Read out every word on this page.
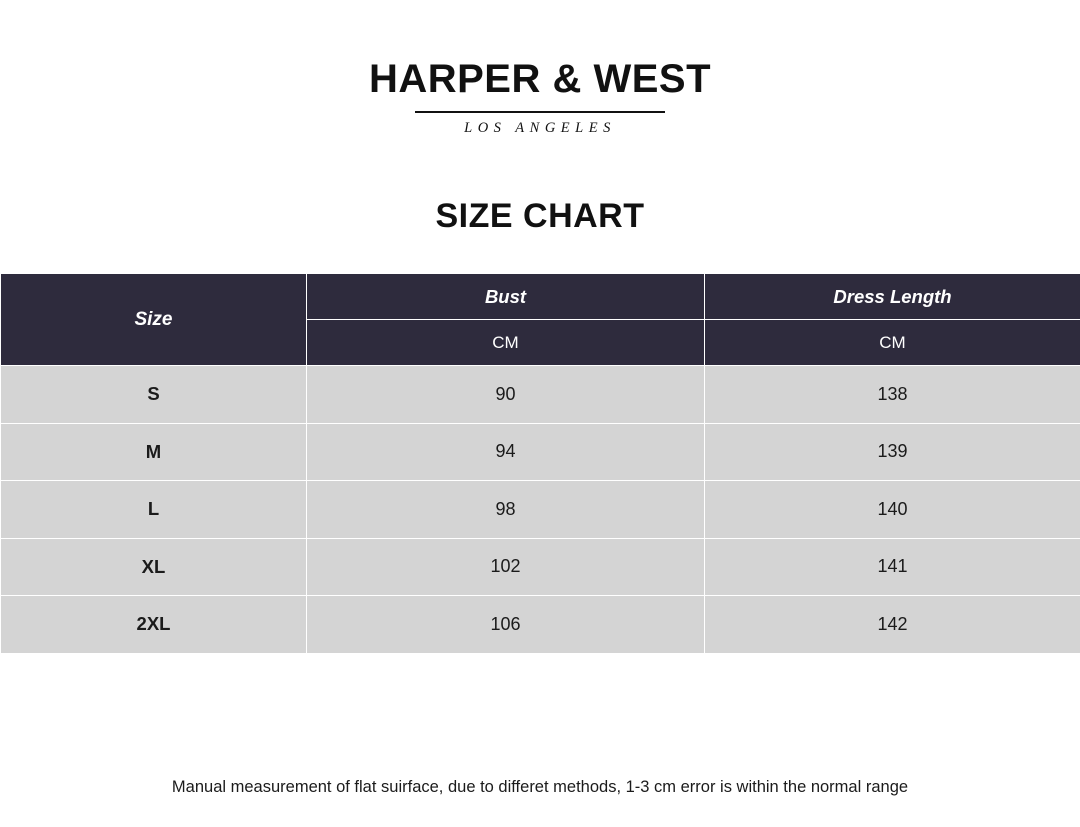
HARPER & WEST
LOS ANGELES
SIZE CHART
Size	Bust	Dress Length
	CM	CM
S	90	138
M	94	139
L	98	140
XL	102	141
2XL	106	142
Manual measurement of flat suirface, due to differet methods, 1-3 cm error is within the normal range
